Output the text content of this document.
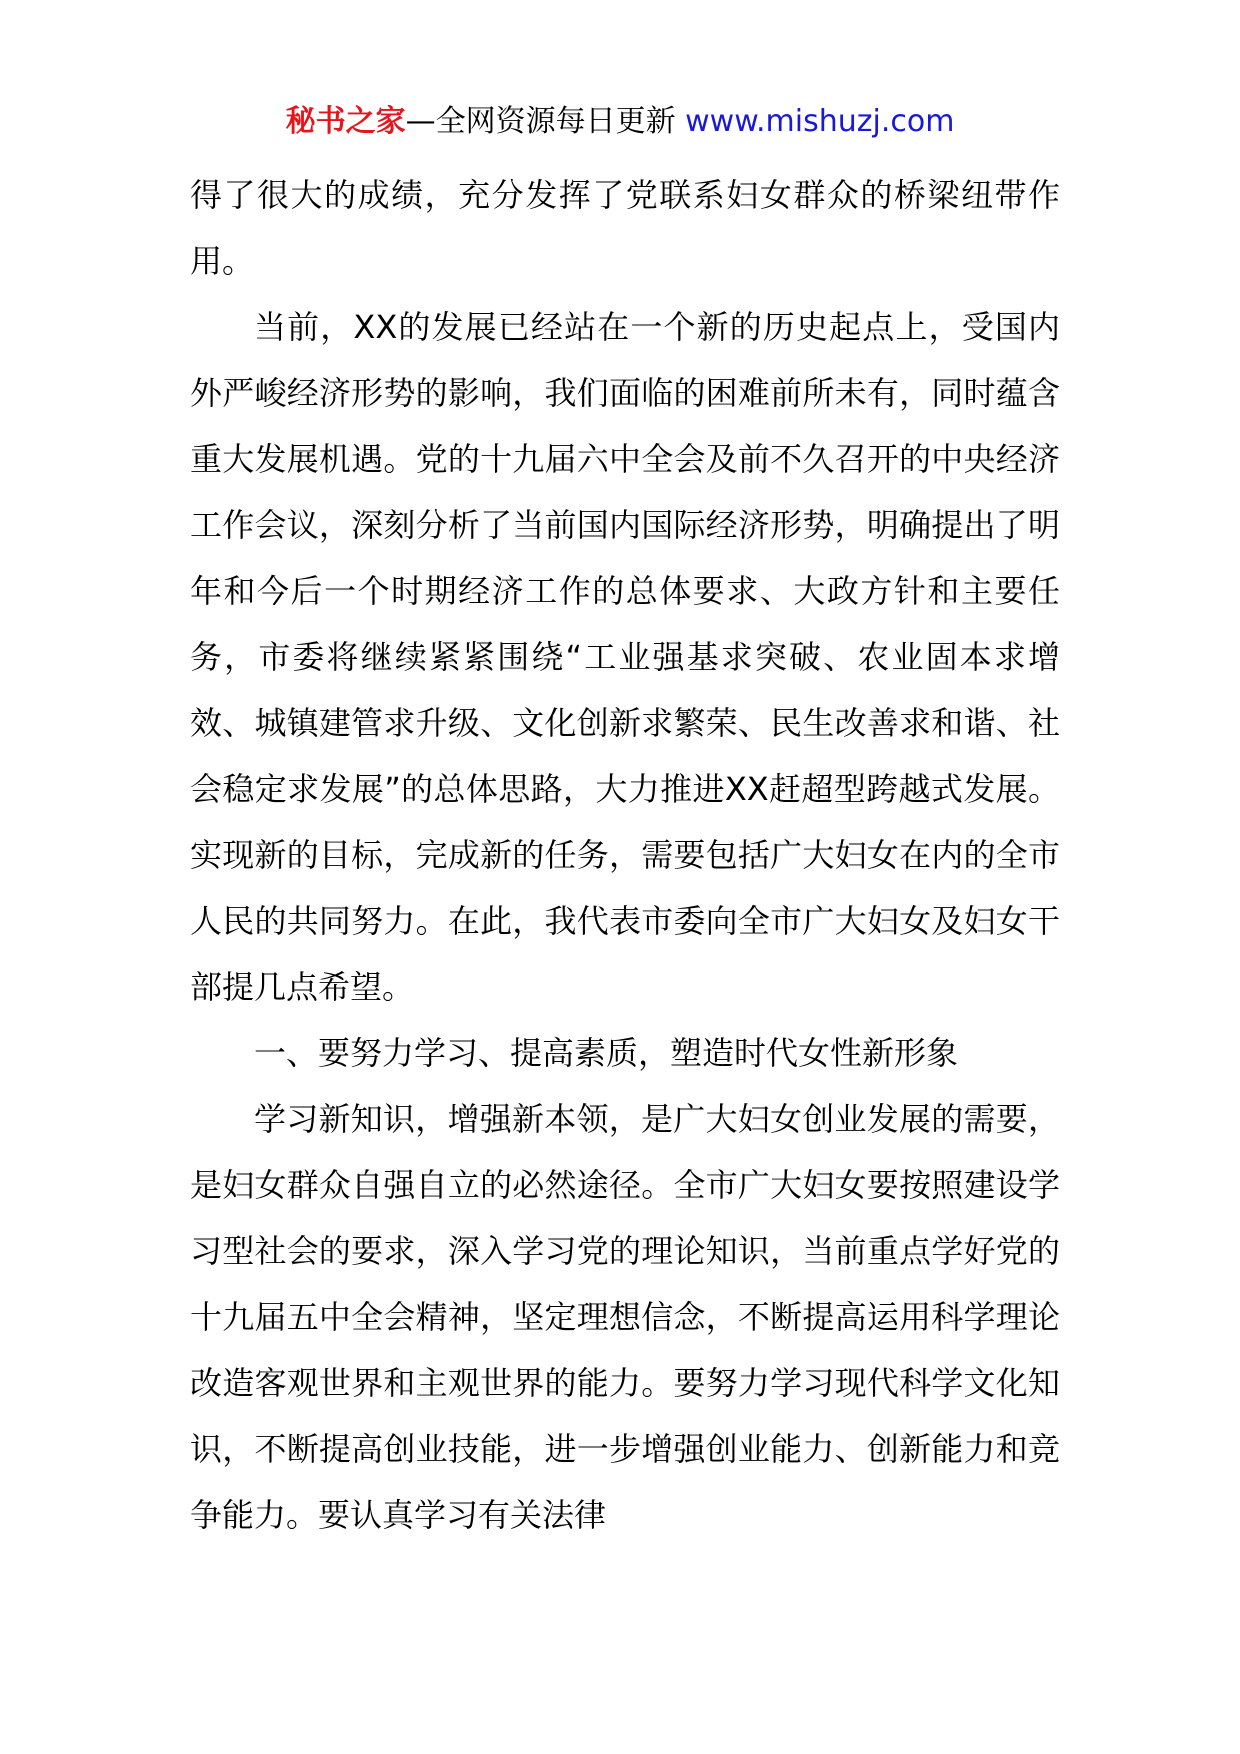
秘书之家—全网资源每日更新 www.mishuzj.com

得了很大的成绩，充分发挥了党联系妇女群众的桥梁纽带作用。

当前，XX的发展已经站在一个新的历史起点上，受国内外严峻经济形势的影响，我们面临的困难前所未有，同时蕴含重大发展机遇。党的十九届六中全会及前不久召开的中央经济工作会议，深刻分析了当前国内国际经济形势，明确提出了明年和今后一个时期经济工作的总体要求、大政方针和主要任务，市委将继续紧紧围绕“工业强基求突破、农业固本求增效、城镇建管求升级、文化创新求繁荣、民生改善求和谐、社会稳定求发展”的总体思路，大力推进XX赶超型跨越式发展。实现新的目标，完成新的任务，需要包括广大妇女在内的全市人民的共同努力。在此，我代表市委向全市广大妇女及妇女干部提几点希望。

一、要努力学习、提高素质，塑造时代女性新形象

学习新知识，增强新本领，是广大妇女创业发展的需要，是妇女群众自强自立的必然途径。全市广大妇女要按照建设学习型社会的要求，深入学习党的理论知识，当前重点学好党的十九届五中全会精神，坚定理想信念，不断提高运用科学理论改造客观世界和主观世界的能力。要努力学习现代科学文化知识，不断提高创业技能，进一步增强创业能力、创新能力和竞争能力。要认真学习有关法律
